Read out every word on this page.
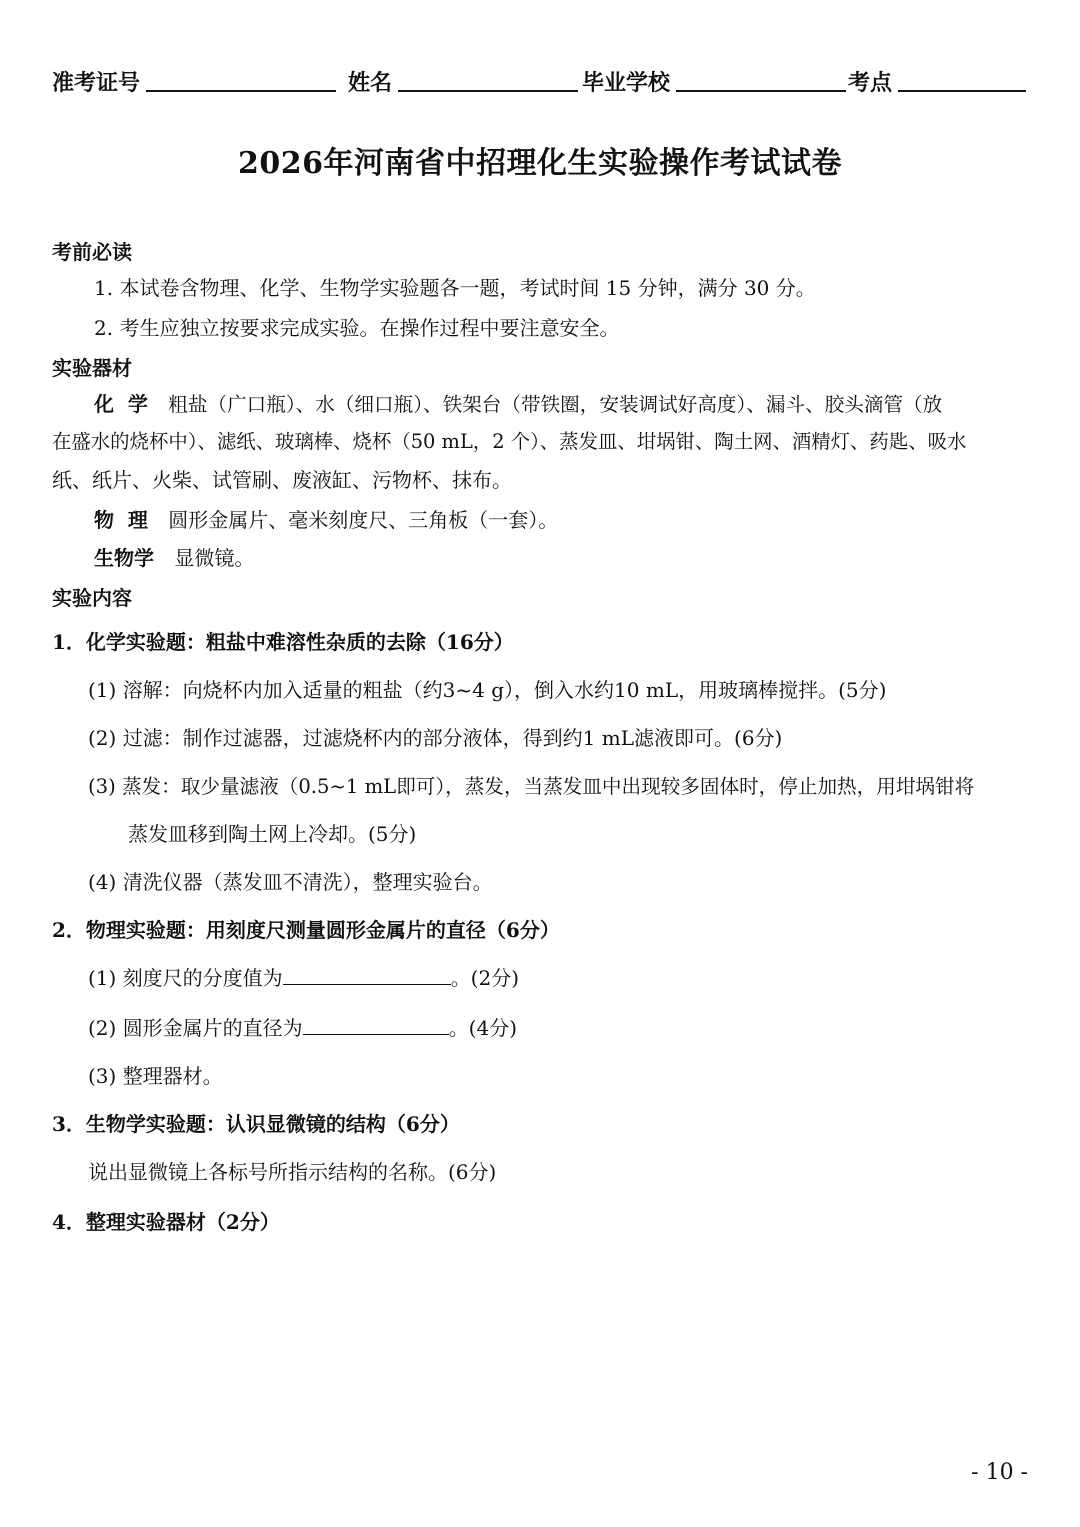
准考证号	姓名	毕业学校	考点
2026年河南省中招理化生实验操作考试试卷
考前必读
1. 本试卷含物理、化学、生物学实验题各一题，考试时间 15 分钟，满分 30 分。
2. 考生应独立按要求完成实验。在操作过程中要注意安全。
实验器材
化  学 粗盐（广口瓶）、水（细口瓶）、铁架台（带铁圈，安装调试好高度）、漏斗、胶头滴管（放
在盛水的烧杯中）、滤纸、玻璃棒、烧杯（50 mL，2 个）、蒸发皿、坩埚钳、陶土网、酒精灯、药匙、吸水
纸、纸片、火柴、试管刷、废液缸、污物杯、抹布。
物  理 圆形金属片、毫米刻度尺、三角板（一套）。
生物学 显微镜。
实验内容
1．化学实验题：粗盐中难溶性杂质的去除（16分）
(1) 溶解：向烧杯内加入适量的粗盐（约3~4 g），倒入水约10 mL，用玻璃棒搅拌。(5分)
(2) 过滤：制作过滤器，过滤烧杯内的部分液体，得到约1 mL滤液即可。(6分)
(3) 蒸发：取少量滤液（0.5~1 mL即可），蒸发，当蒸发皿中出现较多固体时，停止加热，用坩埚钳将
蒸发皿移到陶土网上冷却。(5分)
(4) 清洗仪器（蒸发皿不清洗），整理实验台。
2．物理实验题：用刻度尺测量圆形金属片的直径（6分）
(1) 刻度尺的分度值为	。(2分)
(2) 圆形金属片的直径为	。(4分)
(3) 整理器材。
3．生物学实验题：认识显微镜的结构（6分）
说出显微镜上各标号所指示结构的名称。(6分)
4．整理实验器材（2分）
- 10 -
